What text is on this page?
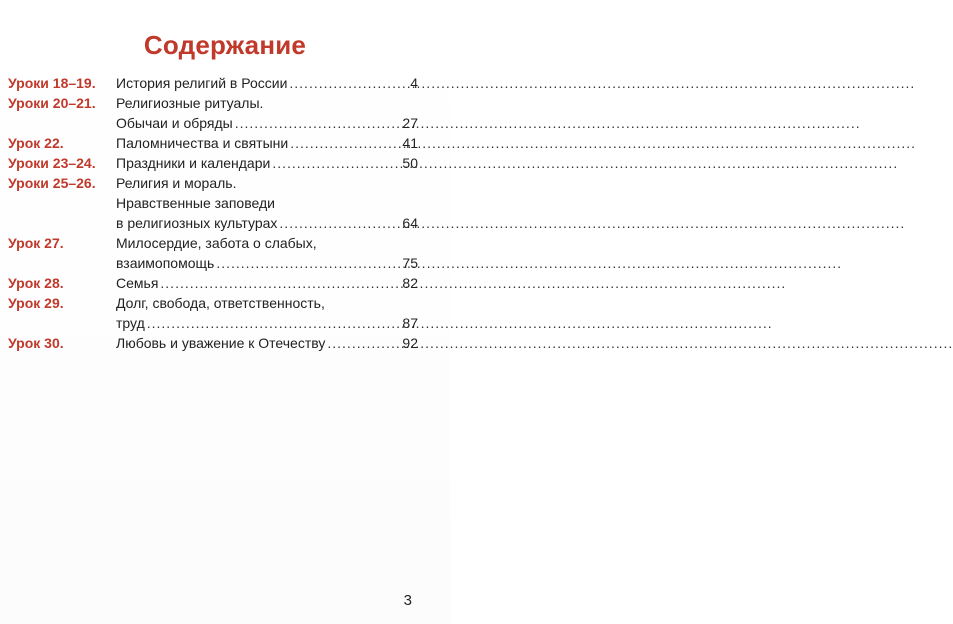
Содержание
Уроки 18–19.	История религий в России .....	4
Уроки 20–21.	Религиозные ритуалы.
Обычаи и обряды .....	27
Урок 22.	Паломничества и святыни .....	41
Уроки 23–24.	Праздники и календари .....	50
Уроки 25–26.	Религия и мораль.
Нравственные заповеди
в религиозных культурах .....	64
Урок 27.	Милосердие, забота о слабых,
взаимопомощь .....	75
Урок 28.	Семья .....	82
Урок 29.	Долг, свобода, ответственность,
труд .....	87
Урок 30.	Любовь и уважение к Отечеству .....	92
3
